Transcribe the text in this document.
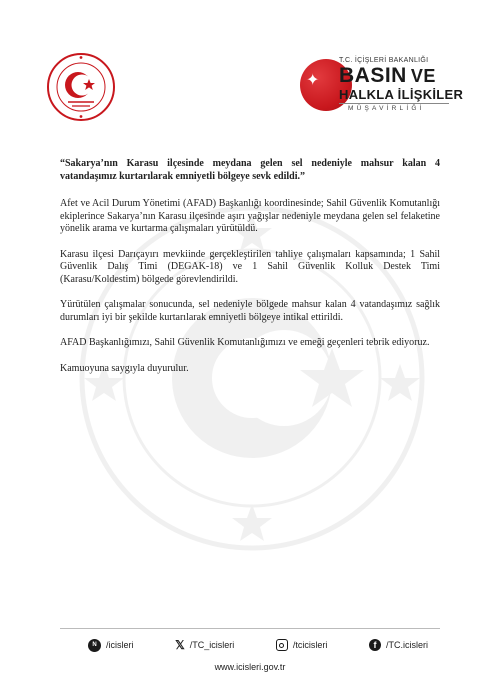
✦
T.C. İÇİŞLERİ BAKANLIĞI
BASIN VE
HALKLA İLİŞKİLER
MÜŞAVİRLİĞİ

“Sakarya’nın Karasu ilçesinde meydana gelen sel nedeniyle mahsur kalan 4 vatandaşımız kurtarılarak emniyetli bölgeye sevk edildi.”

Afet ve Acil Durum Yönetimi (AFAD) Başkanlığı koordinesinde; Sahil Güvenlik Komutanlığı ekiplerince Sakarya’nın Karasu ilçesinde aşırı yağışlar nedeniyle meydana gelen sel felaketine yönelik arama ve kurtarma çalışmaları yürütüldü.

Karasu ilçesi Darıçayırı mevkiinde gerçekleştirilen tahliye çalışmaları kapsamında; 1 Sahil Güvenlik Dalış Timi (DEGAK-18) ve 1 Sahil Güvenlik Kolluk Destek Timi (Karasu/Koldestim) bölgede görevlendirildi.

Yürütülen çalışmalar sonucunda, sel nedeniyle bölgede mahsur kalan 4 vatandaşımız sağlık durumları iyi bir şekilde kurtarılarak emniyetli bölgeye intikal ettirildi.

AFAD Başkanlığımızı, Sahil Güvenlik Komutanlığımızı ve emeği geçenleri tebrik ediyoruz.

Kamuoyuna saygıyla duyurulur.

N	/icisleri	𝕏 /TC_icisleri	/tcicisleri	f	/TC.icisleri
www.icisleri.gov.tr
